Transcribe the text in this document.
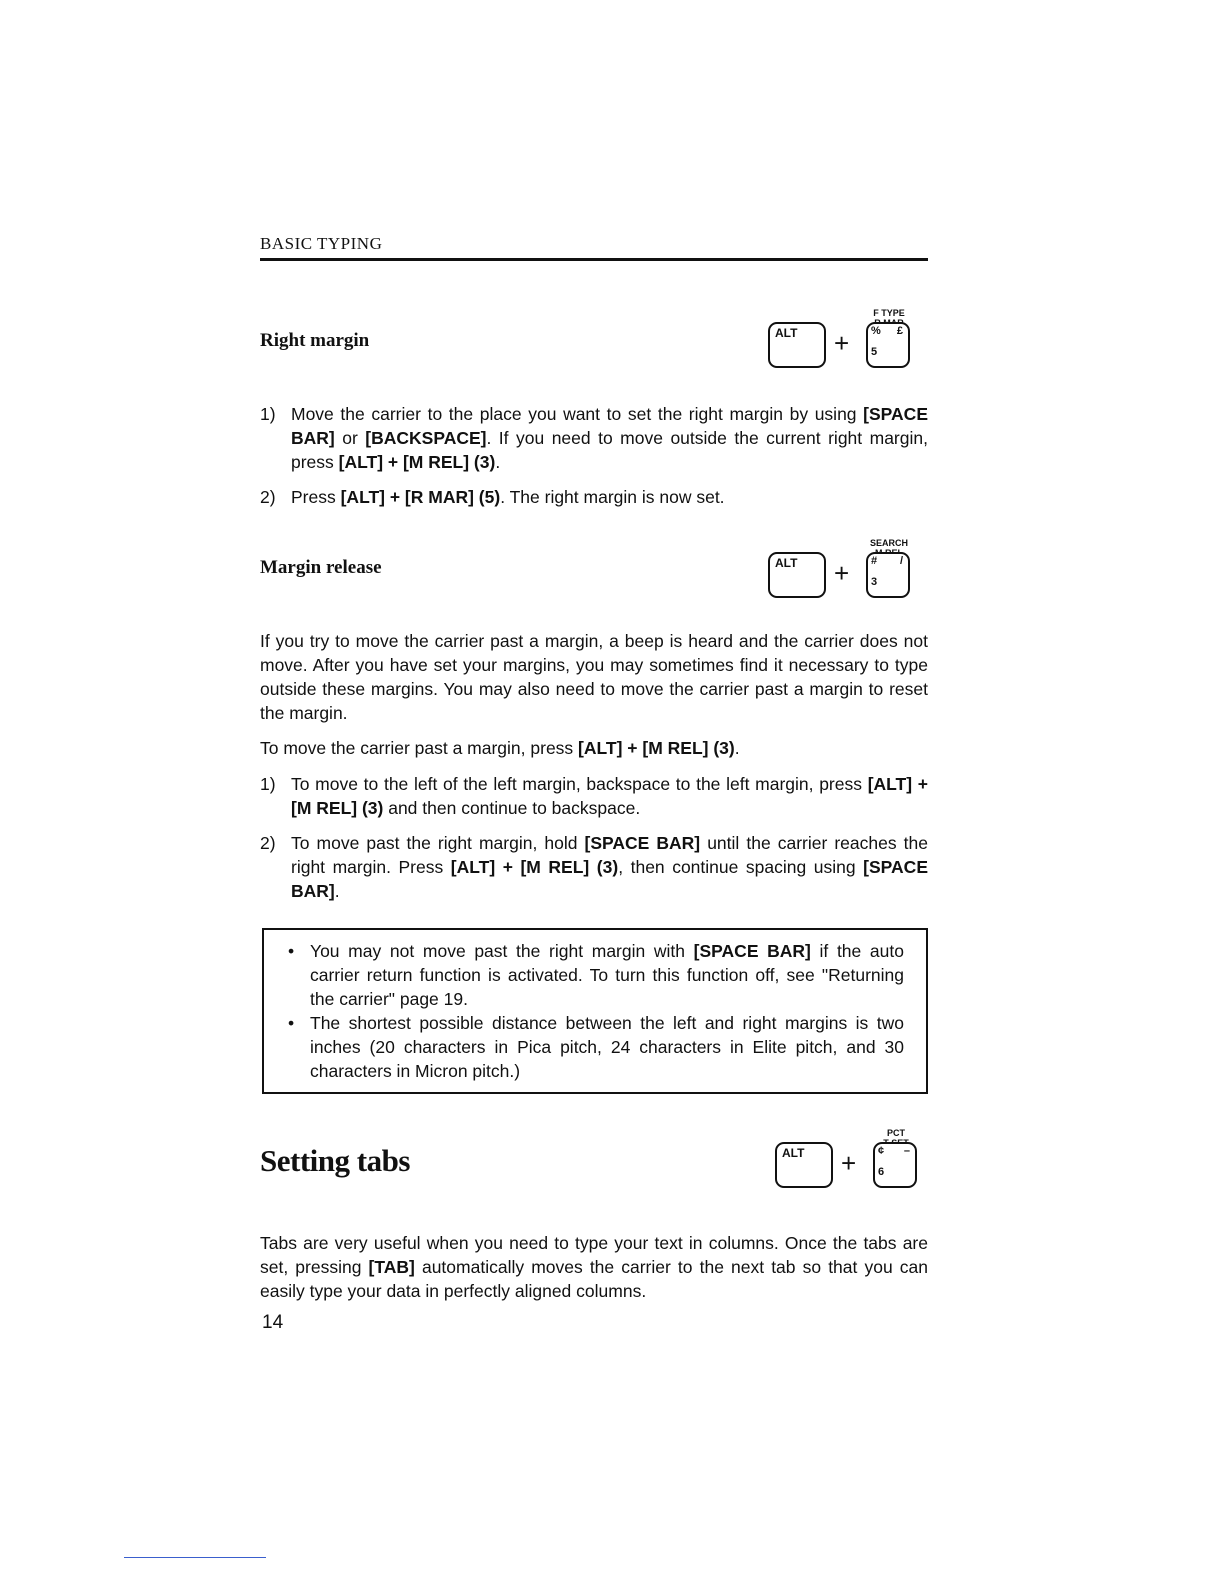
BASIC TYPING
Right margin
F TYPE
ALT + % £
5
1) Move the carrier to the place you want to set the right margin by using [SPACE BAR] or [BACKSPACE]. If you need to move outside the current right margin, press [ALT] + [M REL] (3).
2) Press [ALT] + [R MAR] (5). The right margin is now set.
Margin release
SEARCH
ALT + # /
3
If you try to move the carrier past a margin, a beep is heard and the carrier does not move. After you have set your margins, you may sometimes find it necessary to type outside these margins. You may also need to move the carrier past a margin to reset the margin.
To move the carrier past a margin, press [ALT] + [M REL] (3).
1) To move to the left of the left margin, backspace to the left margin, press [ALT] + [M REL] (3) and then continue to backspace.
2) To move past the right margin, hold [SPACE BAR] until the carrier reaches the right margin. Press [ALT] + [M REL] (3), then continue spacing using [SPACE BAR].
• You may not move past the right margin with [SPACE BAR] if the auto carrier return function is activated. To turn this function off, see "Returning the carrier" page 19.
• The shortest possible distance between the left and right margins is two inches (20 characters in Pica pitch, 24 characters in Elite pitch, and 30 characters in Micron pitch.)
Setting tabs
PCT
ALT + ¢ –
6
Tabs are very useful when you need to type your text in columns. Once the tabs are set, pressing [TAB] automatically moves the carrier to the next tab so that you can easily type your data in perfectly aligned columns.
14
